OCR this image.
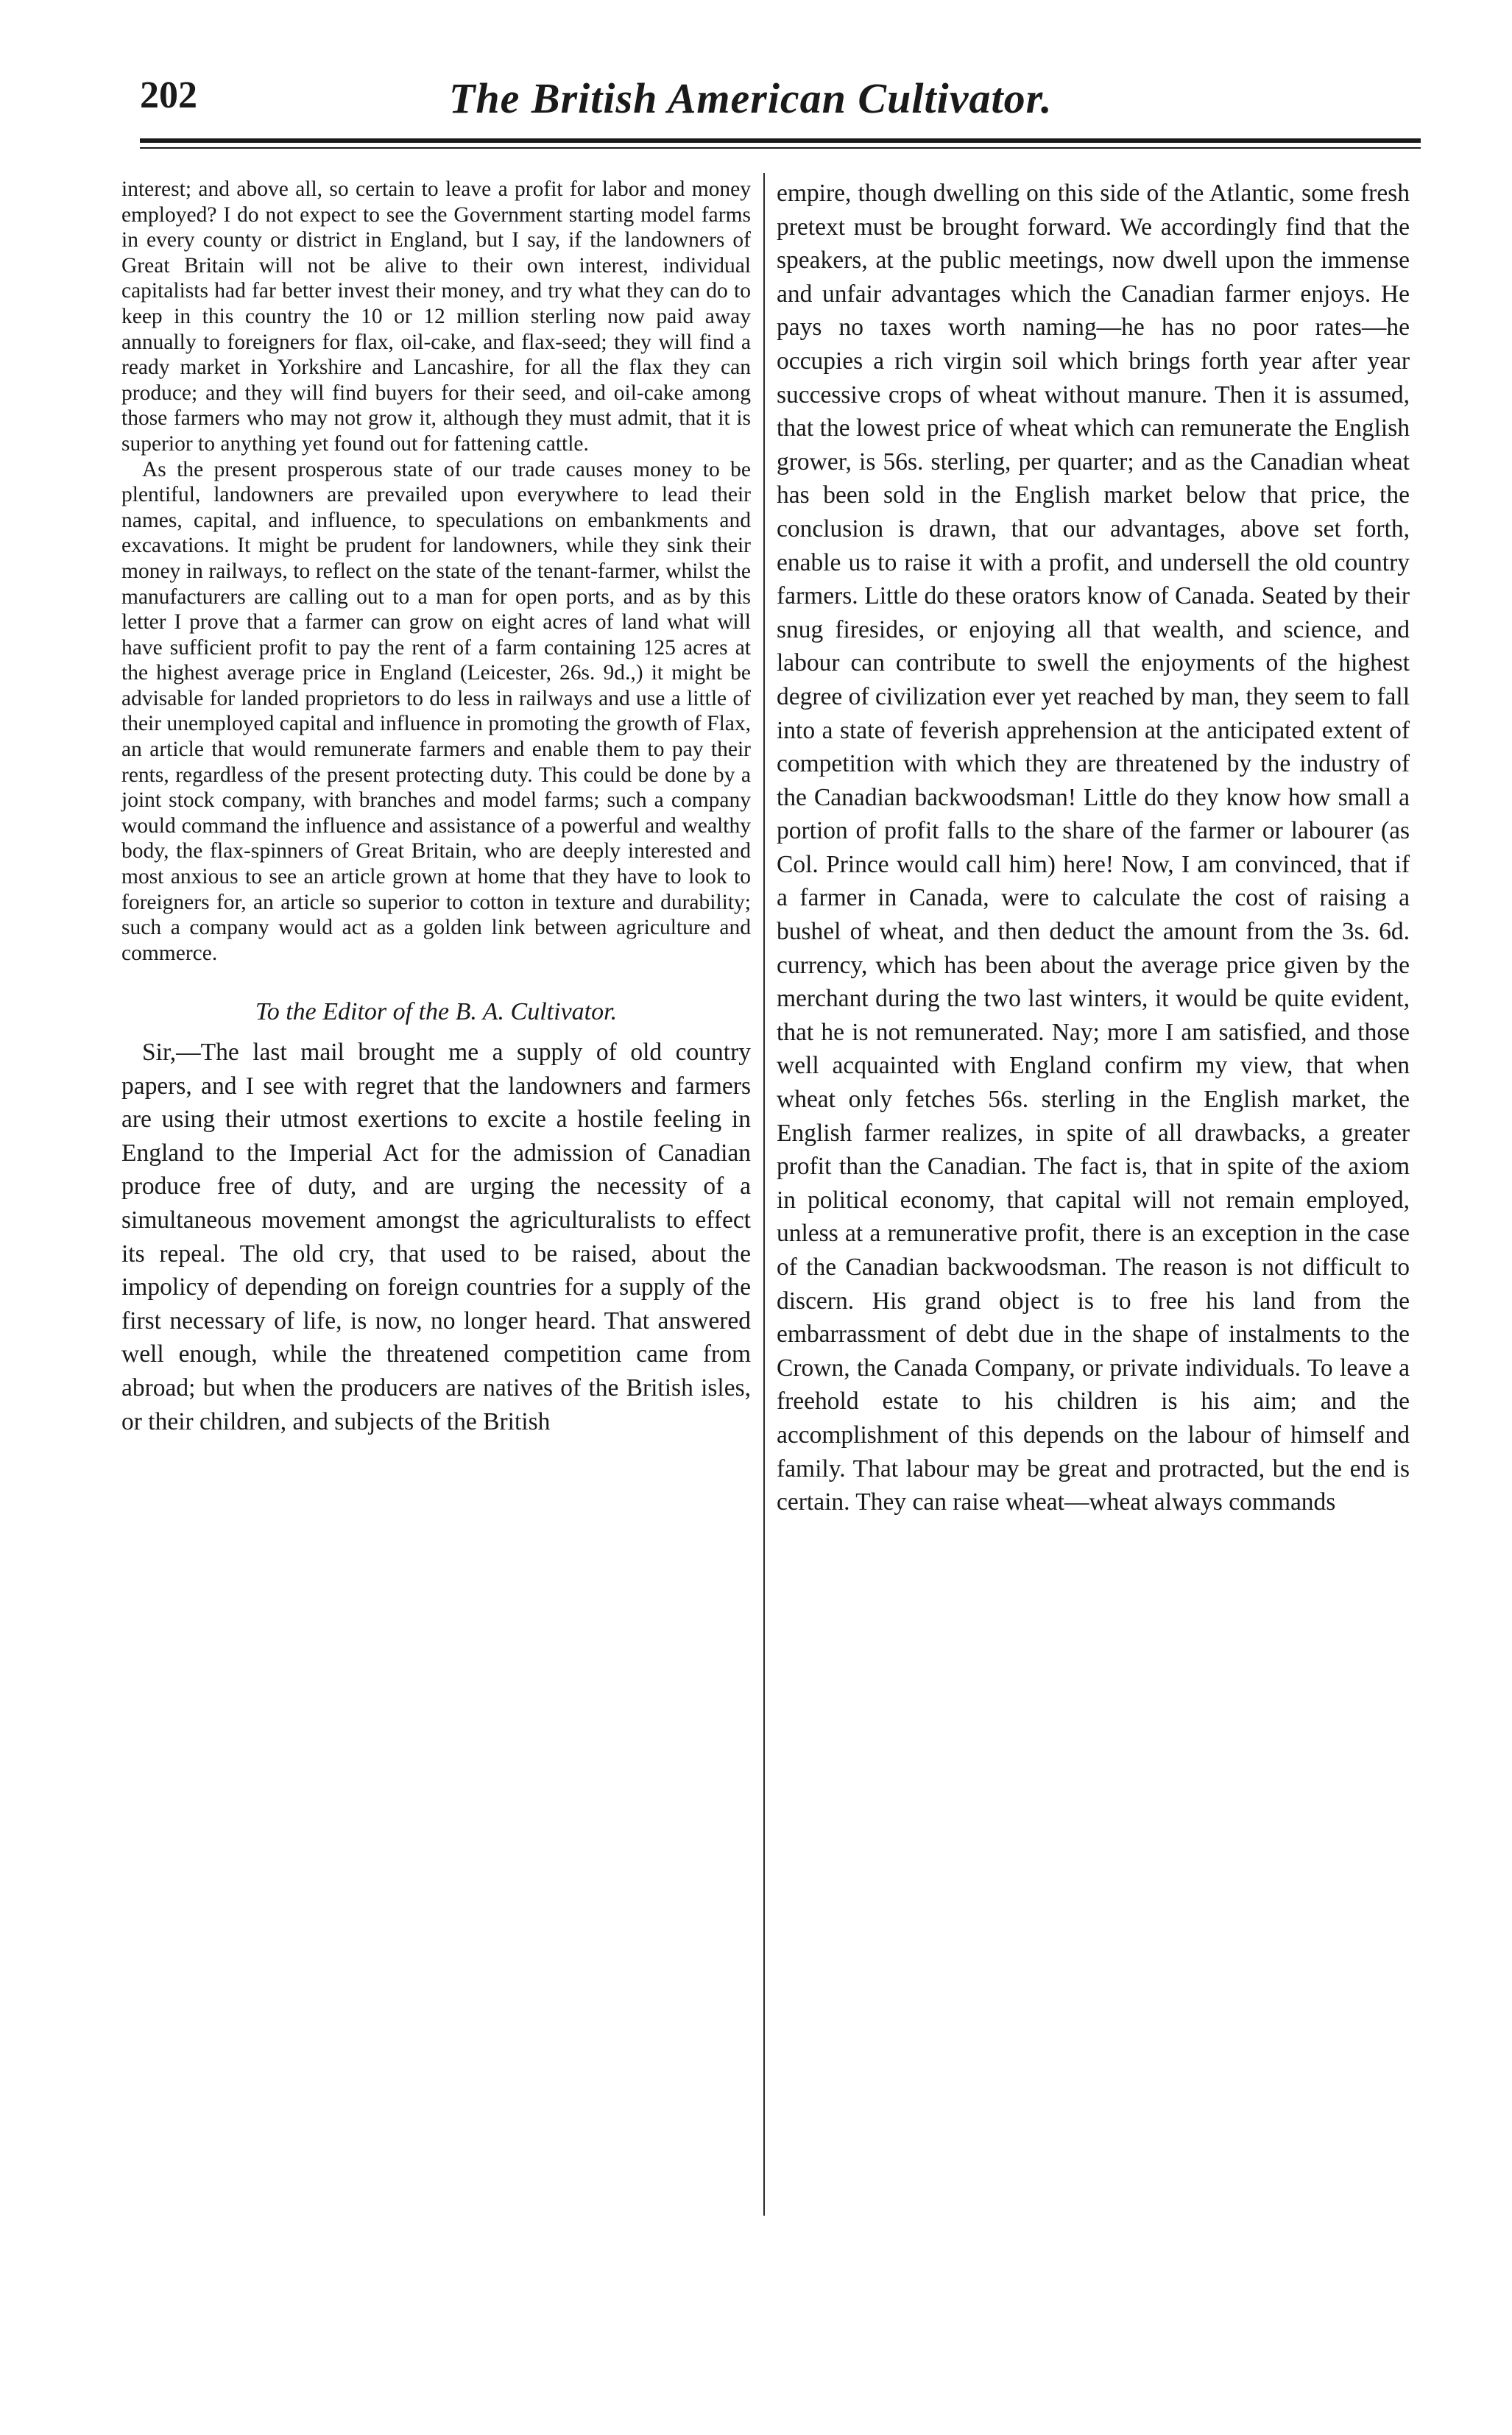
202	The British American Cultivator.

interest; and above all, so certain to leave a profit for labor and money employed? I do not expect to see the Government starting model farms in every county or district in England, but I say, if the landowners of Great Britain will not be alive to their own interest, individual capitalists had far better invest their money, and try what they can do to keep in this country the 10 or 12 million sterling now paid away annually to foreigners for flax, oil-cake, and flax-seed; they will find a ready market in Yorkshire and Lancashire, for all the flax they can produce; and they will find buyers for their seed, and oil-cake among those farmers who may not grow it, although they must admit, that it is superior to anything yet found out for fattening cattle.

As the present prosperous state of our trade causes money to be plentiful, landowners are prevailed upon everywhere to lead their names, capital, and influence, to speculations on embankments and excavations. It might be prudent for landowners, while they sink their money in railways, to reflect on the state of the tenant-farmer, whilst the manufacturers are calling out to a man for open ports, and as by this letter I prove that a farmer can grow on eight acres of land what will have sufficient profit to pay the rent of a farm containing 125 acres at the highest average price in England (Leicester, 26s. 9d.,) it might be advisable for landed proprietors to do less in railways and use a little of their unemployed capital and influence in promoting the growth of Flax, an article that would remunerate farmers and enable them to pay their rents, regardless of the present protecting duty. This could be done by a joint stock company, with branches and model farms; such a company would command the influence and assistance of a powerful and wealthy body, the flax-spinners of Great Britain, who are deeply interested and most anxious to see an article grown at home that they have to look to foreigners for, an article so superior to cotton in texture and durability; such a company would act as a golden link between agriculture and commerce.

To the Editor of the B. A. Cultivator.

Sir,—The last mail brought me a supply of old country papers, and I see with regret that the landowners and farmers are using their utmost exertions to excite a hostile feeling in England to the Imperial Act for the admission of Canadian produce free of duty, and are urging the necessity of a simultaneous movement amongst the agriculturalists to effect its repeal. The old cry, that used to be raised, about the impolicy of depending on foreign countries for a supply of the first necessary of life, is now, no longer heard. That answered well enough, while the threatened competition came from abroad; but when the producers are natives of the British isles, or their children, and subjects of the British

empire, though dwelling on this side of the Atlantic, some fresh pretext must be brought forward. We accordingly find that the speakers, at the public meetings, now dwell upon the immense and unfair advantages which the Canadian farmer enjoys. He pays no taxes worth naming—he has no poor rates—he occupies a rich virgin soil which brings forth year after year successive crops of wheat without manure. Then it is assumed, that the lowest price of wheat which can remunerate the English grower, is 56s. sterling, per quarter; and as the Canadian wheat has been sold in the English market below that price, the conclusion is drawn, that our advantages, above set forth, enable us to raise it with a profit, and undersell the old country farmers. Little do these orators know of Canada. Seated by their snug firesides, or enjoying all that wealth, and science, and labour can contribute to swell the enjoyments of the highest degree of civilization ever yet reached by man, they seem to fall into a state of feverish apprehension at the anticipated extent of competition with which they are threatened by the industry of the Canadian backwoodsman! Little do they know how small a portion of profit falls to the share of the farmer or labourer (as Col. Prince would call him) here! Now, I am convinced, that if a farmer in Canada, were to calculate the cost of raising a bushel of wheat, and then deduct the amount from the 3s. 6d. currency, which has been about the average price given by the merchant during the two last winters, it would be quite evident, that he is not remunerated. Nay; more I am satisfied, and those well acquainted with England confirm my view, that when wheat only fetches 56s. sterling in the English market, the English farmer realizes, in spite of all drawbacks, a greater profit than the Canadian. The fact is, that in spite of the axiom in political economy, that capital will not remain employed, unless at a remunerative profit, there is an exception in the case of the Canadian backwoodsman. The reason is not difficult to discern. His grand object is to free his land from the embarrassment of debt due in the shape of instalments to the Crown, the Canada Company, or private individuals. To leave a freehold estate to his children is his aim; and the accomplishment of this depends on the labour of himself and family. That labour may be great and protracted, but the end is certain. They can raise wheat—wheat always commands
